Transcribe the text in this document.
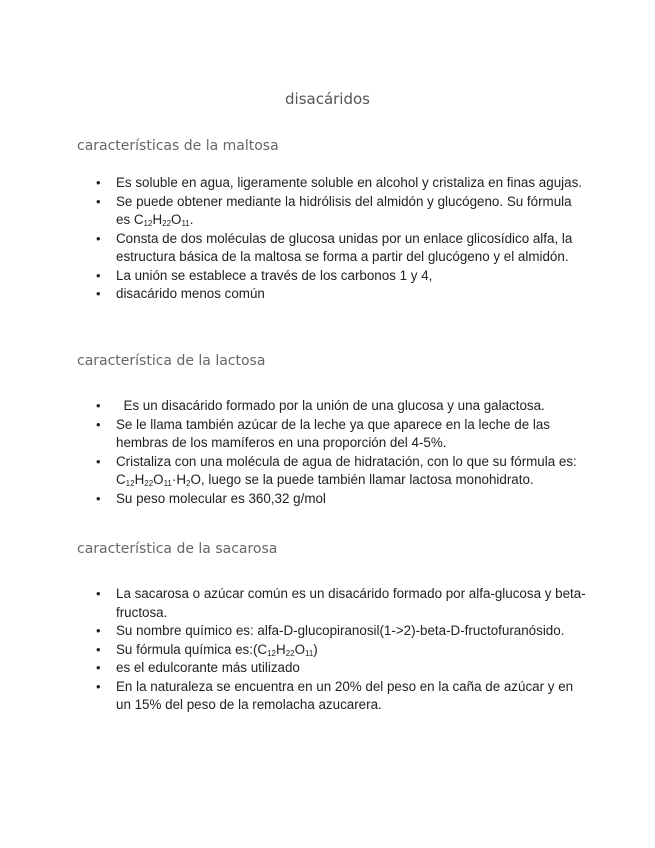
disacáridos
características de la maltosa
• Es soluble en agua, ligeramente soluble en alcohol y cristaliza en finas agujas.
• Se puede obtener mediante la hidrólisis del almidón y glucógeno. Su fórmula es $C_{12}H_{22}O_{11}$.
• Consta de dos moléculas de glucosa unidas por un enlace glicosídico alfa, la estructura básica de la maltosa se forma a partir del glucógeno y el almidón.
• La unión se establece a través de los carbonos 1 y 4,
• disacárido menos común
característica de la lactosa
•   Es un disacárido formado por la unión de una glucosa y una galactosa.
• Se le llama también azúcar de la leche ya que aparece en la leche de las hembras de los mamíferos en una proporción del 4-5%.
• Cristaliza con una molécula de agua de hidratación, con lo que su fórmula es: $C_{12}H_{22}O_{11}\cdot H_2O$, luego se la puede también llamar lactosa monohidrato.
• Su peso molecular es 360,32 g/mol
característica de la sacarosa
• La sacarosa o azúcar común es un disacárido formado por alfa-glucosa y beta-fructosa.
• Su nombre químico es: alfa-D-glucopiranosil(1->2)-beta-D-fructofuranósido.
• Su fórmula química $es:(C_{12}H_{22}O_{11})$
• es el edulcorante más utilizado
• En la naturaleza se encuentra en un 20% del peso en la caña de azúcar y en un 15% del peso de la remolacha azucarera.
